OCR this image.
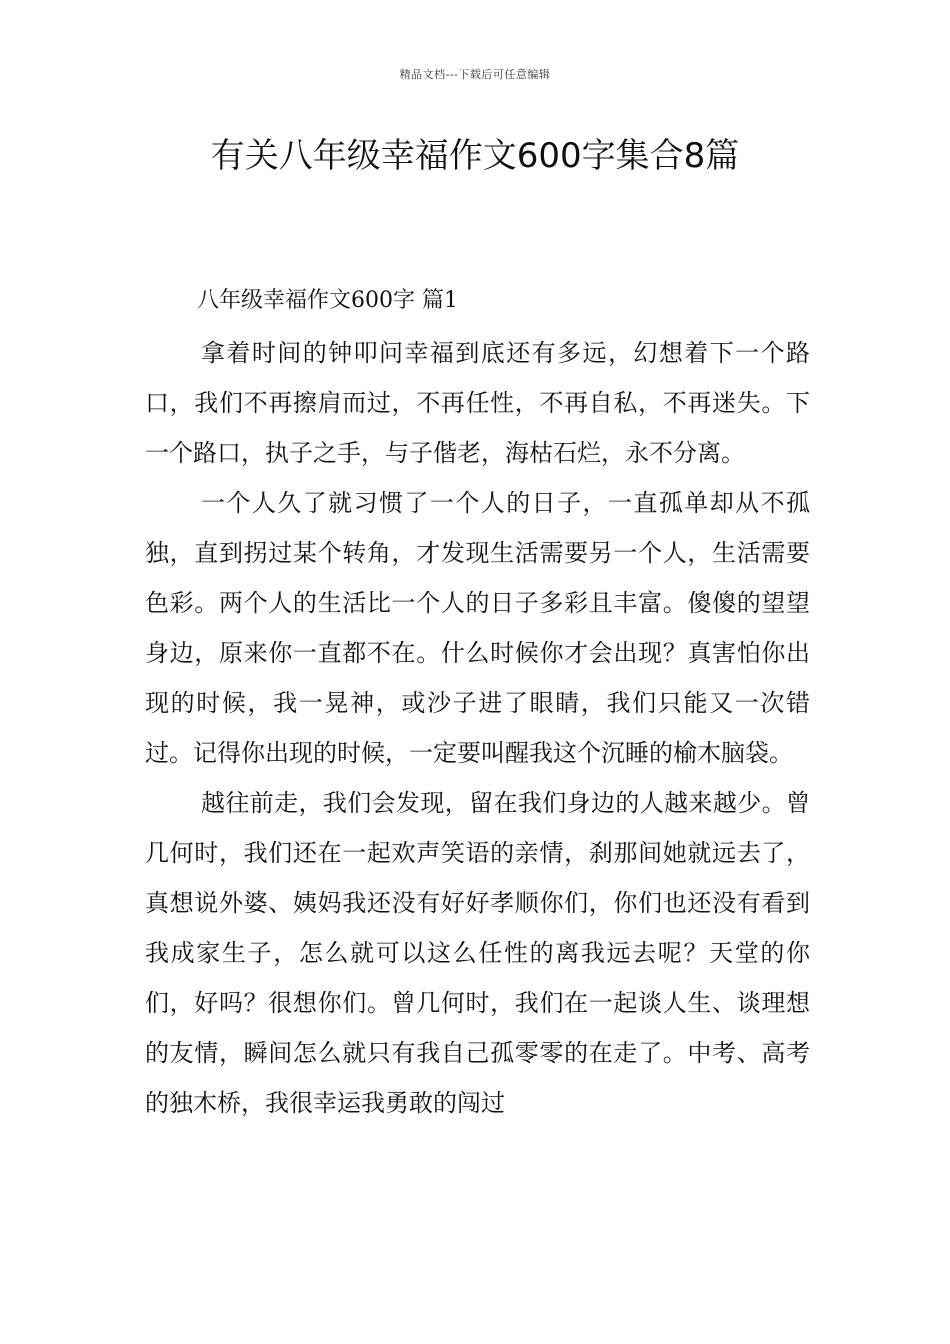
精品文档---下载后可任意编辑
有关八年级幸福作文600字集合8篇
八年级幸福作文600字 篇1

拿着时间的钟叩问幸福到底还有多远，幻想着下一个路口，我们不再擦肩而过，不再任性，不再自私，不再迷失。下一个路口，执子之手，与子偕老，海枯石烂，永不分离。

一个人久了就习惯了一个人的日子，一直孤单却从不孤独，直到拐过某个转角，才发现生活需要另一个人，生活需要色彩。两个人的生活比一个人的日子多彩且丰富。傻傻的望望身边，原来你一直都不在。什么时候你才会出现？真害怕你出现的时候，我一晃神，或沙子进了眼睛，我们只能又一次错过。记得你出现的时候，一定要叫醒我这个沉睡的榆木脑袋。

越往前走，我们会发现，留在我们身边的人越来越少。曾几何时，我们还在一起欢声笑语的亲情，刹那间她就远去了，真想说外婆、姨妈我还没有好好孝顺你们，你们也还没有看到我成家生子，怎么就可以这么任性的离我远去呢？天堂的你们，好吗？很想你们。曾几何时，我们在一起谈人生、谈理想的友情，瞬间怎么就只有我自己孤零零的在走了。中考、高考的独木桥，我很幸运我勇敢的闯过
